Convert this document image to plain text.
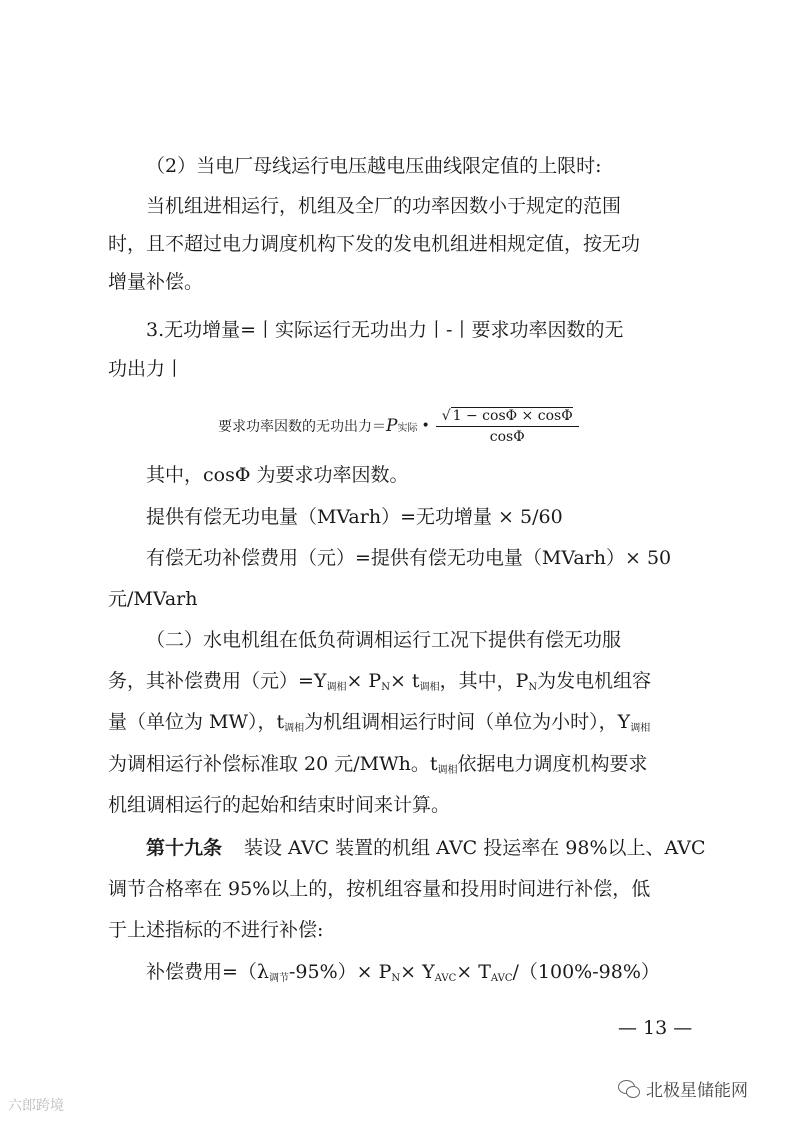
（2）当电厂母线运行电压越电压曲线限定值的上限时:
当机组进相运行，机组及全厂的功率因数小于规定的范围
时，且不超过电力调度机构下发的发电机组进相规定值，按无功
增量补偿。
3.无功增量=丨实际运行无功出力丨-丨要求功率因数的无
功出力丨
要求功率因数的无功出力＝ P 实际 • $\frac{√ 1 - \cos\Phi \times \cos\Phi}{\cos\Phi}$
其中，cosΦ 为要求功率因数。
提供有偿无功电量（MVarh）=无功增量 × 5/60
有偿无功补偿费用（元）=提供有偿无功电量（MVarh）× 50
元/MVarh
（二）水电机组在低负荷调相运行工况下提供有偿无功服
务，其补偿费用（元）$=Y_{调相}\times P_N\times t_{调相}$，其中，$P_N$为发电机组容
量（单位为 MW），$t_{调相}$为机组调相运行时间（单位为小时），$Y_{调相}$
为调相运行补偿标准取 20 元/MWh。$t_{调相}$依据电力调度机构要求
机组调相运行的起始和结束时间来计算。
第十九条 装设 AVC 装置的机组 AVC 投运率在 98%以上、AVC
调节合格率在 95%以上的，按机组容量和投用时间进行补偿，低
于上述指标的不进行补偿:
补偿费用$=(\lambda_{调节}-95\%)\times P_N\times Y_{AVC}\times T_{AVC}/(100\%-98\%)$
— 13 —
六郎跨境
北极星储能网
